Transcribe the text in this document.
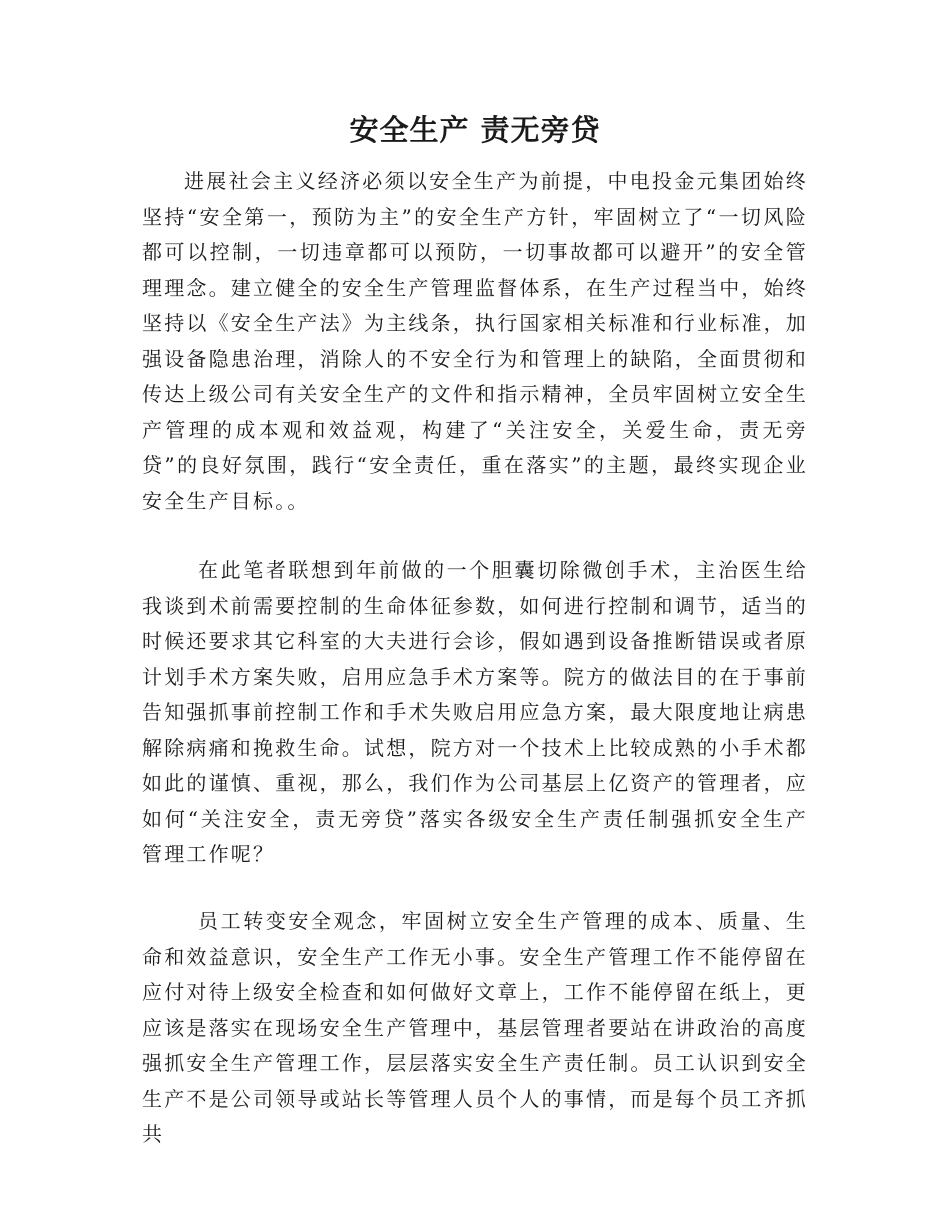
安全生产 责无旁贷

进展社会主义经济必须以安全生产为前提，中电投金元集团始终坚持“安全第一，预防为主”的安全生产方针，牢固树立了“一切风险都可以控制，一切违章都可以预防，一切事故都可以避开”的安全管理理念。建立健全的安全生产管理监督体系，在生产过程当中，始终坚持以《安全生产法》为主线条，执行国家相关标准和行业标准，加强设备隐患治理，消除人的不安全行为和管理上的缺陷，全面贯彻和传达上级公司有关安全生产的文件和指示精神，全员牢固树立安全生产管理的成本观和效益观，构建了“关注安全，关爱生命，责无旁贷”的良好氛围，践行“安全责任，重在落实”的主题，最终实现企业安全生产目标。。

在此笔者联想到年前做的一个胆囊切除微创手术，主治医生给我谈到术前需要控制的生命体征参数，如何进行控制和调节，适当的时候还要求其它科室的大夫进行会诊，假如遇到设备推断错误或者原计划手术方案失败，启用应急手术方案等。院方的做法目的在于事前告知强抓事前控制工作和手术失败启用应急方案，最大限度地让病患解除病痛和挽救生命。试想，院方对一个技术上比较成熟的小手术都如此的谨慎、重视，那么，我们作为公司基层上亿资产的管理者，应如何“关注安全，责无旁贷”落实各级安全生产责任制强抓安全生产管理工作呢？

员工转变安全观念，牢固树立安全生产管理的成本、质量、生命和效益意识，安全生产工作无小事。安全生产管理工作不能停留在应付对待上级安全检查和如何做好文章上，工作不能停留在纸上，更应该是落实在现场安全生产管理中，基层管理者要站在讲政治的高度强抓安全生产管理工作，层层落实安全生产责任制。员工认识到安全生产不是公司领导或站长等管理人员个人的事情，而是每个员工齐抓共
